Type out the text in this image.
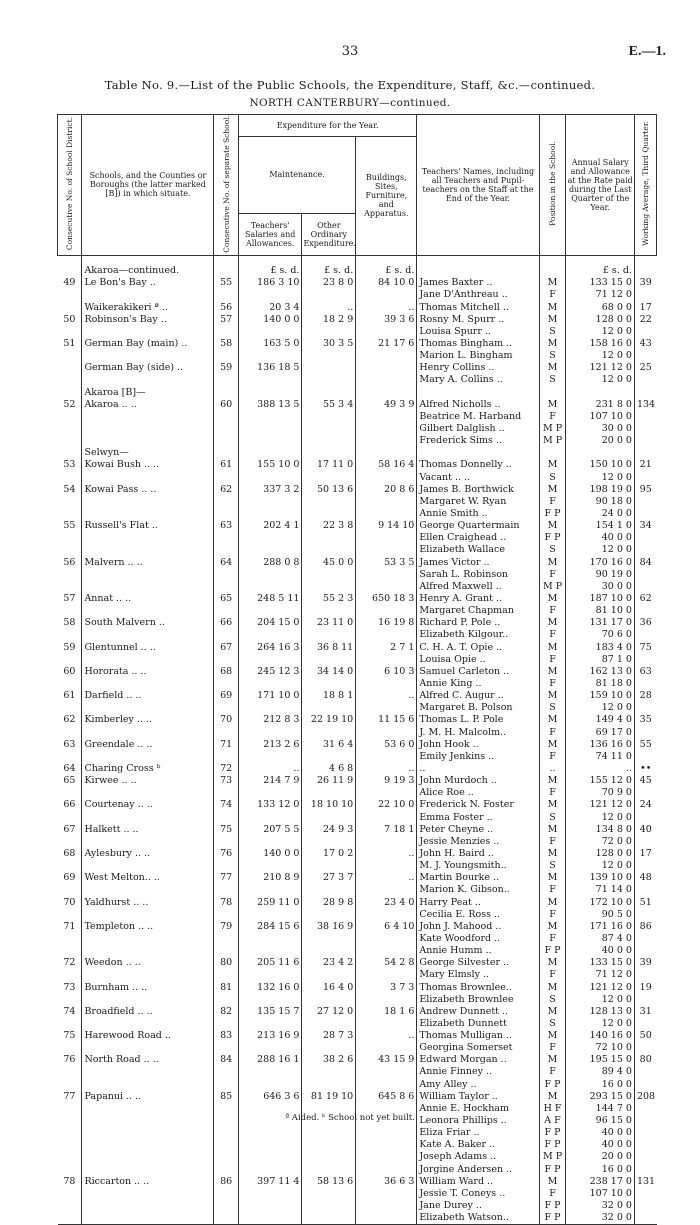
33	E.—1.
Table No. 9.—List of the Public Schools, the Expenditure, Staff, &c.—continued.
NORTH CANTERBURY—continued.
Consecutive No. of School District.	Schools, and the Counties or Boroughs (the latter marked [B]) in which situate.	Consecutive No. of separate School.	Expenditure for the Year.			Teachers' Names, including all Teachers and Pupil-teachers on the Staff at the End of the Year.	Position in the School.	Annual Salary and Allowance at the Rate paid during the Last Quarter of the Year.	Working Average, Third Quarter.
			Maintenance.		Buildings, Sites, Furniture, and Apparatus.				
			Teachers' Salaries and Allowances.	Other Ordinary Expenditure.					

	Akaroa—continued.		£ s. d.	£ s. d.	£ s. d.			£ s. d.	
49	Le Bon's Bay ..	55	186 3 10	23 8 0	84 10 0	James Baxter ..	M	133 15 0	39
						Jane D'Anthreau ..	F	71 12 0	
	Waikerakikeri ª ..	56	20 3 4	..	..	Thomas Mitchell ..	M	68 0 0	17
50	Robinson's Bay ..	57	140 0 0	18 2 9	39 3 6	Rosny M. Spurr ..	M	128 0 0	22
						Louisa Spurr ..	S	12 0 0	
51	German Bay (main) ..	58	163 5 0	30 3 5	21 17 6	Thomas Bingham ..	M	158 16 0	43
						Marion L. Bingham	S	12 0 0	
	German Bay (side) ..	59	136 18 5			Henry Collins ..	M	121 12 0	25
						Mary A. Collins ..	S	12 0 0	
	Akaroa [B]—								
52	Akaroa .. ..	60	388 13 5	55 3 4	49 3 9	Alfred Nicholls ..	M	231 8 0	134
						Beatrice M. Harband	F	107 10 0	
						Gilbert Dalglish ..	M P	30 0 0	
						Frederick Sims ..	M P	20 0 0	
	Selwyn—								
53	Kowai Bush .. ..	61	155 10 0	17 11 0	58 16 4	Thomas Donnelly ..	M	150 10 0	21
						Vacant .. ..	S	12 0 0	
54	Kowai Pass .. ..	62	337 3 2	50 13 6	20 8 6	James B. Borthwick	M	198 19 0	95
						Margaret W. Ryan	F	90 18 0	
						Annie Smith ..	F P	24 0 0	
55	Russell's Flat ..	63	202 4 1	22 3 8	9 14 10	George Quartermain	M	154 1 0	34
						Ellen Craighead ..	F P	40 0 0	
						Elizabeth Wallace	S	12 0 0	
56	Malvern .. ..	64	288 0 8	45 0 0	53 3 5	James Victor ..	M	170 16 0	84
						Sarah L. Robinson	F	90 19 0	
						Alfred Maxwell ..	M P	30 0 0	
57	Annat .. ..	65	248 5 11	55 2 3	650 18 3	Henry A. Grant ..	M	187 10 0	62
						Margaret Chapman	F	81 10 0	
58	South Malvern ..	66	204 15 0	23 11 0	16 19 8	Richard P. Pole ..	M	131 17 0	36
						Elizabeth Kilgour..	F	70 6 0	
59	Glentunnel .. ..	67	264 16 3	36 8 11	2 7 1	C. H. A. T. Opie ..	M	183 4 0	75
						Louisa Opie ..	F	87 1 0	
60	Hororata .. ..	68	245 12 3	34 14 0	6 10 3	Samuel Carleton ..	M	162 13 0	63
						Annie King ..	F	81 18 0	
61	Darfield .. ..	69	171 10 0	18 8 1	..	Alfred C. Augur ..	M	159 10 0	28
						Margaret B. Polson	S	12 0 0	
62	Kimberley .. ..	70	212 8 3	22 19 10	11 15 6	Thomas L. P. Pole	M	149 4 0	35
						J. M. H. Malcolm..	F	69 17 0	
63	Greendale .. ..	71	213 2 6	31 6 4	53 6 0	John Hook ..	M	136 16 0	55
						Emily Jenkins ..	F	74 11 0	
64	Charing Cross ᵇ	72	..	4 6 8	..	..	..	..	••
65	Kirwee .. ..	73	214 7 9	26 11 9	9 19 3	John Murdoch ..	M	155 12 0	45
						Alice Roe ..	F	70 9 0	
66	Courtenay .. ..	74	133 12 0	18 10 10	22 10 0	Frederick N. Foster	M	121 12 0	24
						Emma Foster ..	S	12 0 0	
67	Halkett .. ..	75	207 5 5	24 9 3	7 18 1	Peter Cheyne ..	M	134 8 0	40
						Jessie Menzies ..	F	72 0 0	
68	Aylesbury .. ..	76	140 0 0	17 0 2	..	John H. Baird ..	M	128 0 0	17
						M. J. Youngsmith..	S	12 0 0	
69	West Melton.. ..	77	210 8 9	27 3 7	..	Martin Bourke ..	M	139 10 0	48
						Marion K. Gibson..	F	71 14 0	
70	Yaldhurst .. ..	78	259 11 0	28 9 8	23 4 0	Harry Peat ..	M	172 10 0	51
						Cecilia E. Ross ..	F	90 5 0	
71	Templeton .. ..	79	284 15 6	38 16 9	6 4 10	John J. Mahood ..	M	171 16 0	86
						Kate Woodford ..	F	87 4 0	
						Annie Humm ..	F P	40 0 0	
72	Weedon .. ..	80	205 11 6	23 4 2	54 2 8	George Silvester ..	M	133 15 0	39
						Mary Elmsly ..	F	71 12 0	
73	Burnham .. ..	81	132 16 0	16 4 0	3 7 3	Thomas Brownlee..	M	121 12 0	19
						Elizabeth Brownlee	S	12 0 0	
74	Broadfield .. ..	82	135 15 7	27 12 0	18 1 6	Andrew Dunnett ..	M	128 13 0	31
						Elizabeth Dunnett	S	12 0 0	
75	Harewood Road ..	83	213 16 9	28 7 3	..	Thomas Mulligan ..	M	140 16 0	50
						Georgina Somerset	F	72 10 0	
76	North Road .. ..	84	288 16 1	38 2 6	43 15 9	Edward Morgan ..	M	195 15 0	80
						Annie Finney ..	F	89 4 0	
						Amy Alley ..	F P	16 0 0	
77	Papanui .. ..	85	646 3 6	81 19 10	645 8 6	William Taylor ..	M	293 15 0	208
						Annie E. Hockham	H F	144 7 0	
						Leonora Phillips ..	A F	96 15 0	
						Eliza Friar ..	F P	40 0 0	
						Kate A. Baker ..	F P	40 0 0	
						Joseph Adams ..	M P	20 0 0	
						Jorgine Andersen ..	F P	16 0 0	
78	Riccarton .. ..	86	397 11 4	58 13 6	36 6 3	William Ward ..	M	238 17 0	131
						Jessie T. Coneys ..	F	107 10 0	
						Jane Durey ..	F P	32 0 0	
						Elizabeth Watson..	F P	32 0 0	
ª Aided. ᵇ School not yet built.
